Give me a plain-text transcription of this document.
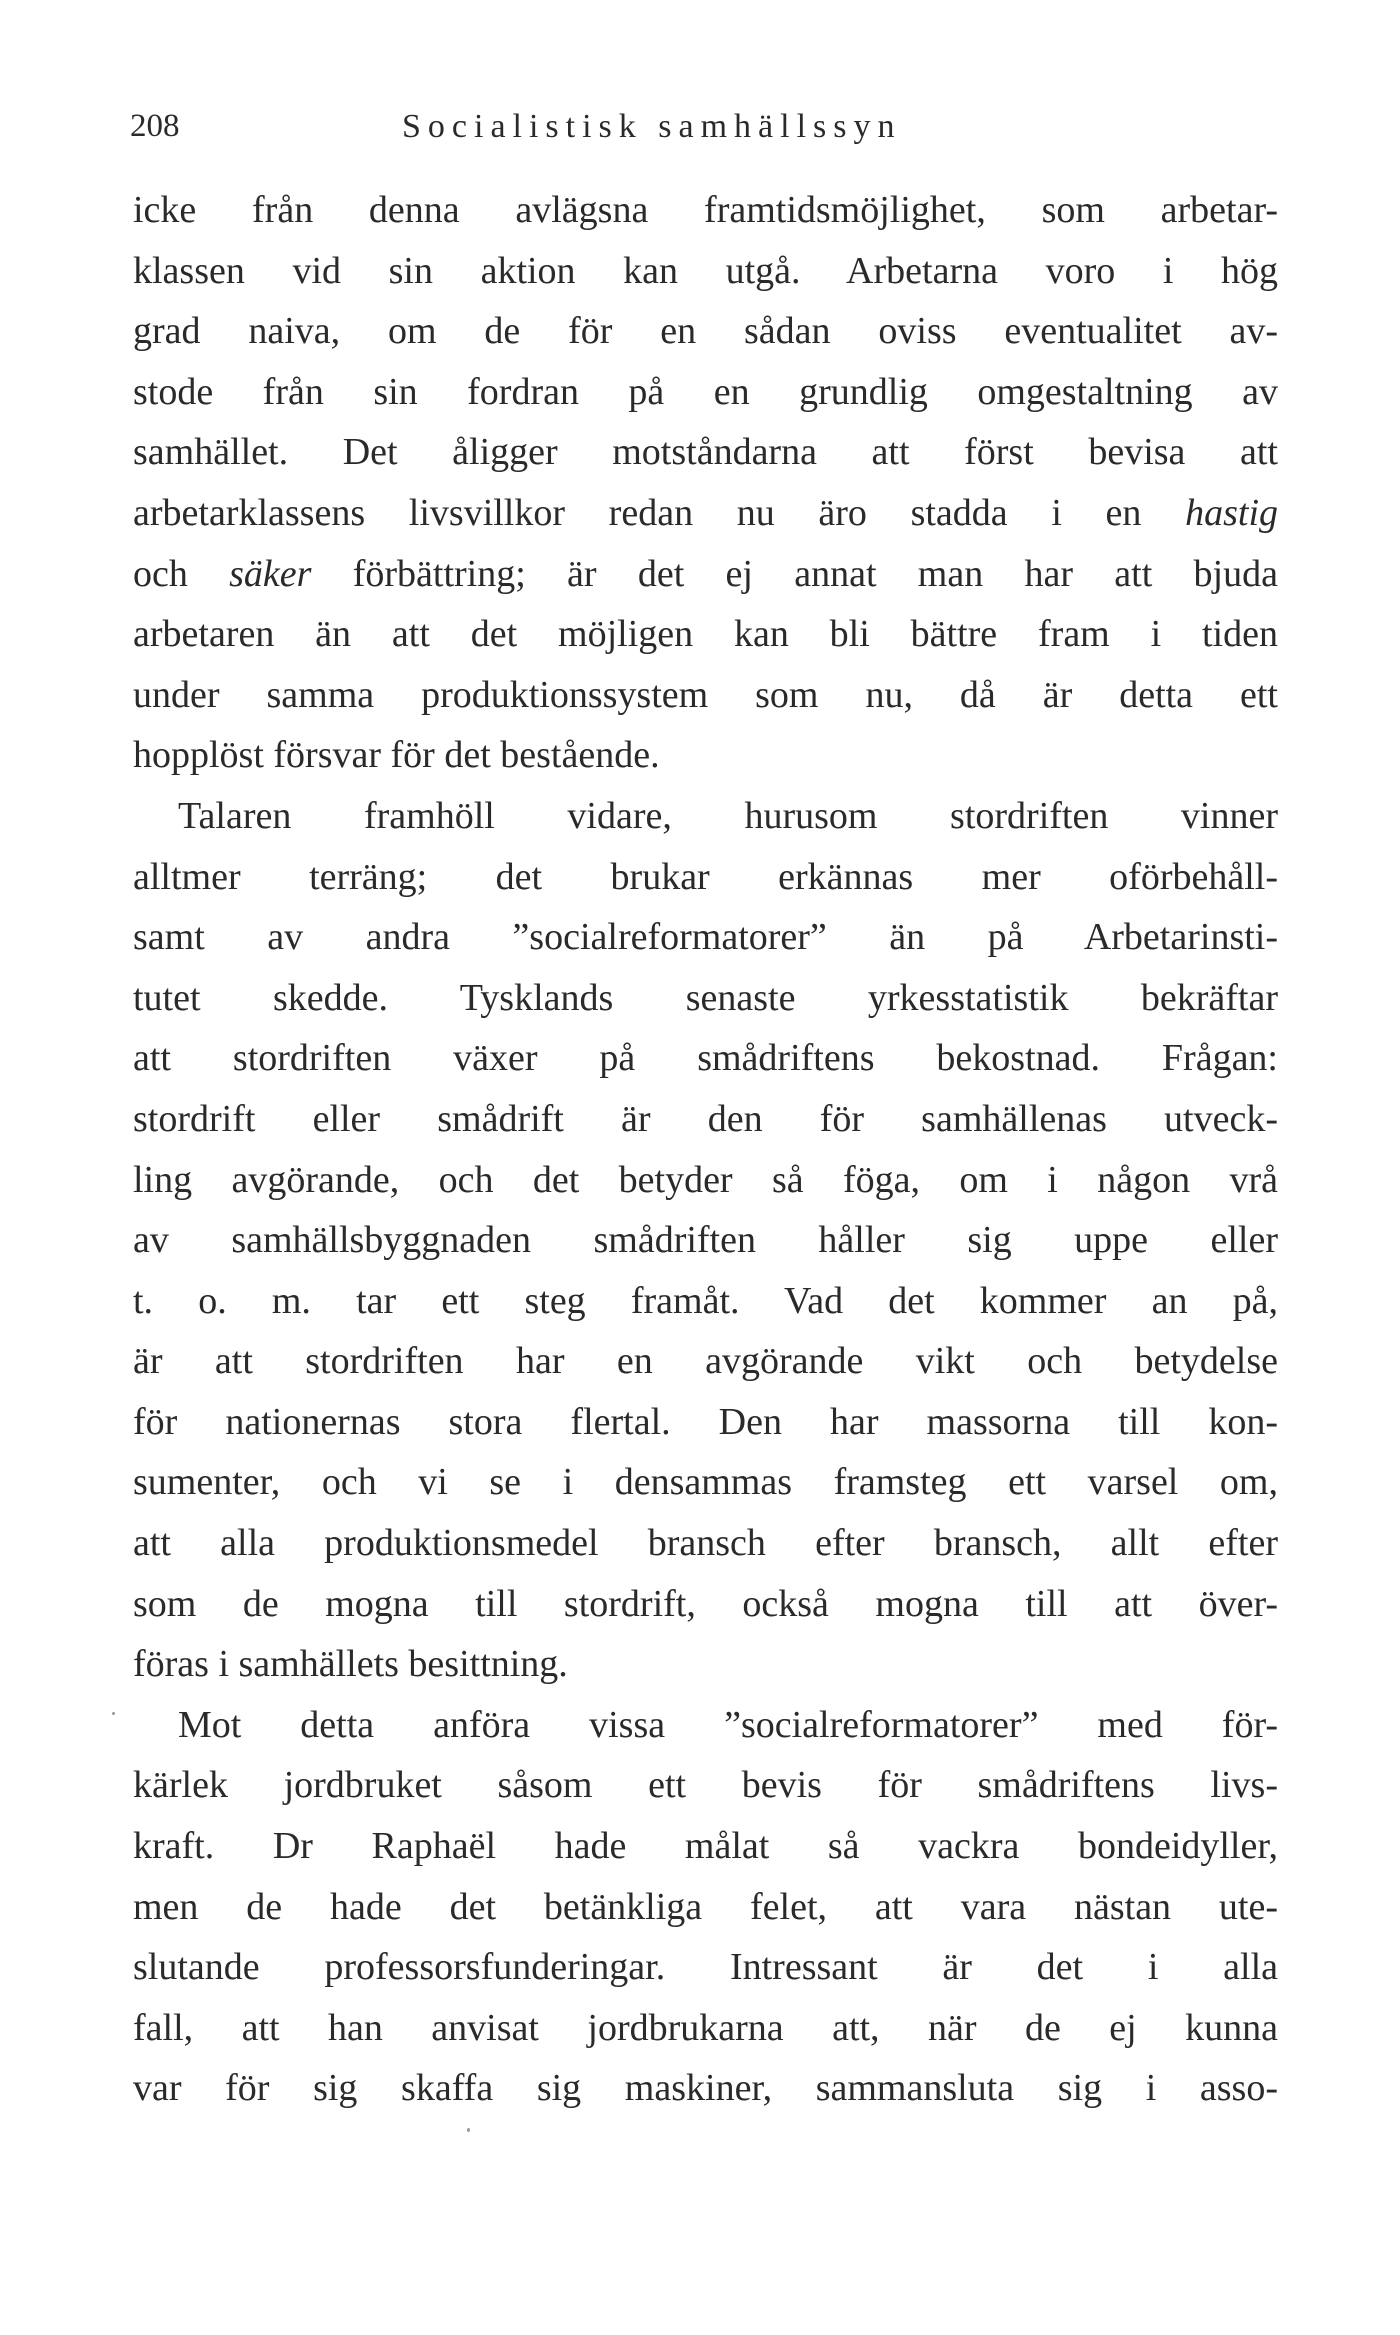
208	Socialistisk samhällssyn
icke från denna avlägsna framtidsmöjlighet, som arbetar-
klassen vid sin aktion kan utgå. Arbetarna voro i hög
grad naiva, om de för en sådan oviss eventualitet av-
stode från sin fordran på en grundlig omgestaltning av
samhället. Det åligger motståndarna att först bevisa att
arbetarklassens livsvillkor redan nu äro stadda i en hastig
och säker förbättring; är det ej annat man har att bjuda
arbetaren än att det möjligen kan bli bättre fram i tiden
under samma produktionssystem som nu, då är detta ett
hopplöst försvar för det bestående.
Talaren framhöll vidare, hurusom stordriften vinner
alltmer terräng; det brukar erkännas mer oförbehåll-
samt av andra ”socialreformatorer” än på Arbetarinsti-
tutet skedde. Tysklands senaste yrkesstatistik bekräftar
att stordriften växer på smådriftens bekostnad. Frågan:
stordrift eller smådrift är den för samhällenas utveck-
ling avgörande, och det betyder så föga, om i någon vrå
av samhällsbyggnaden smådriften håller sig uppe eller
t. o. m. tar ett steg framåt. Vad det kommer an på,
är att stordriften har en avgörande vikt och betydelse
för nationernas stora flertal. Den har massorna till kon-
sumenter, och vi se i densammas framsteg ett varsel om,
att alla produktionsmedel bransch efter bransch, allt efter
som de mogna till stordrift, också mogna till att över-
föras i samhällets besittning.
Mot detta anföra vissa ”socialreformatorer” med för-
kärlek jordbruket såsom ett bevis för smådriftens livs-
kraft. Dr Raphaël hade målat så vackra bondeidyller,
men de hade det betänkliga felet, att vara nästan ute-
slutande professorsfunderingar. Intressant är det i alla
fall, att han anvisat jordbrukarna att, när de ej kunna
var för sig skaffa sig maskiner, sammansluta sig i asso-
